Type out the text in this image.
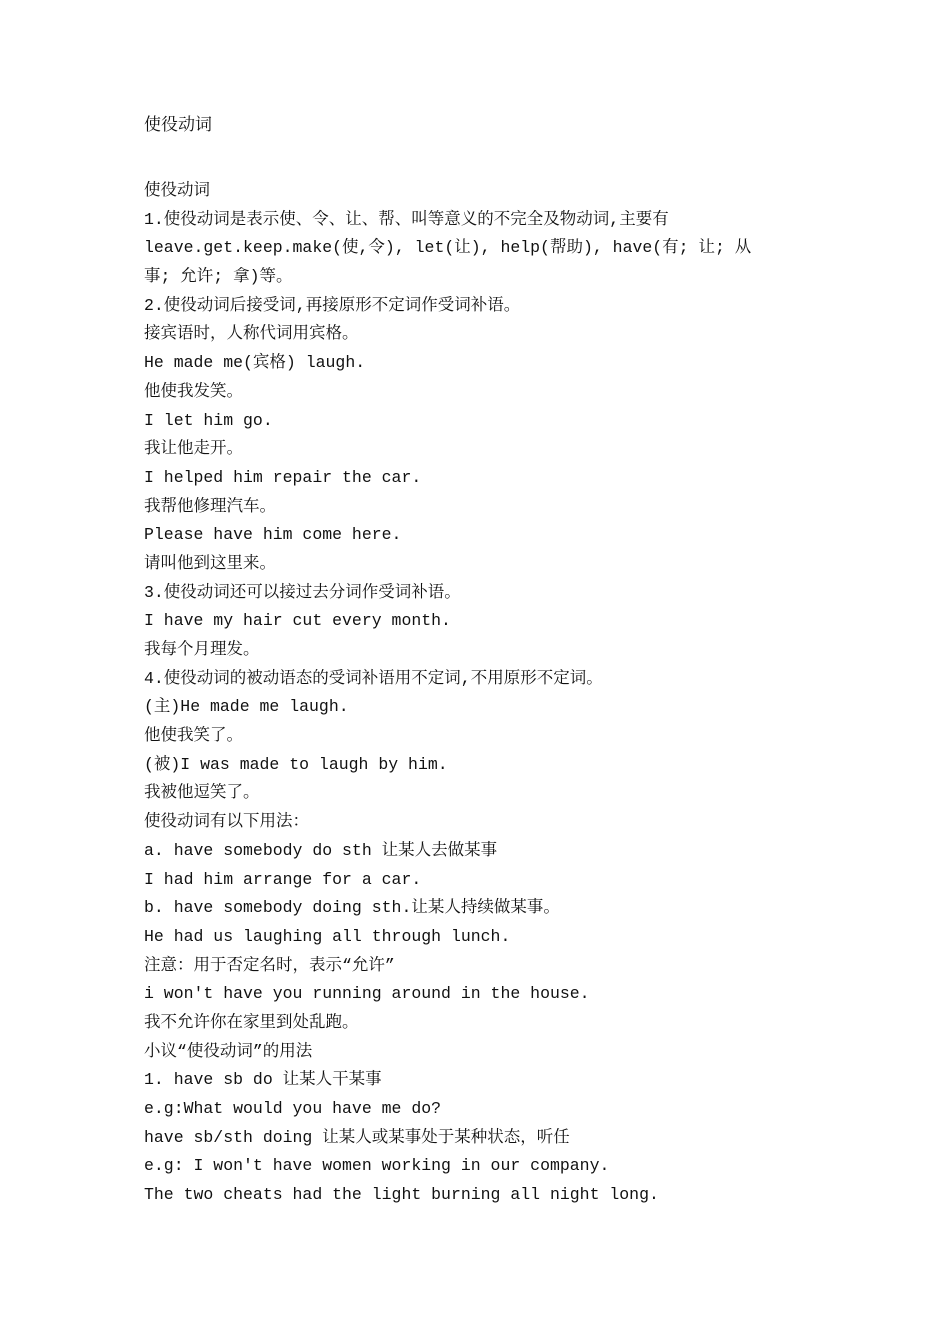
使役动词
使役动词
1.使役动词是表示使、令、让、帮、叫等意义的不完全及物动词,主要有
leave.get.keep.make(使,令), let(让), help(帮助), have(有; 让; 从
事; 允许; 拿)等。
2.使役动词后接受词,再接原形不定词作受词补语。
接宾语时，人称代词用宾格。
He made me(宾格) laugh.
他使我发笑。
I let him go.
我让他走开。
I helped him repair the car.
我帮他修理汽车。
Please have him come here.
请叫他到这里来。
3.使役动词还可以接过去分词作受词补语。
I have my hair cut every month.
我每个月理发。
4.使役动词的被动语态的受词补语用不定词,不用原形不定词。
(主)He made me laugh.
他使我笑了。
(被)I was made to laugh by him.
我被他逗笑了。
使役动词有以下用法：
a. have somebody do sth 让某人去做某事
I had him arrange for a car.
b. have somebody doing sth.让某人持续做某事。
He had us laughing all through lunch.
注意：用于否定名时，表示“允许”
i won't have you running around in the house.
我不允许你在家里到处乱跑。
小议“使役动词”的用法
1. have sb do 让某人干某事
e.g:What would you have me do?
have sb/sth doing 让某人或某事处于某种状态，听任
e.g: I won't have women working in our company.
The two cheats had the light burning all night long.
